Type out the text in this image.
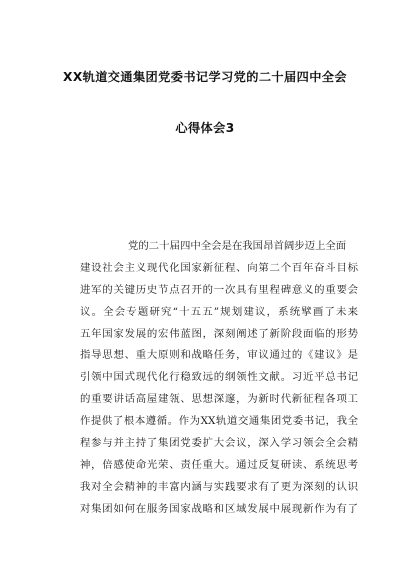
XX轨道交通集团党委书记学习党的二十届四中全会
心得体会3
党的二十届四中全会是在我国昂首阔步迈上全面
建设社会主义现代化国家新征程、向第二个百年奋斗目标
进军的关键历史节点召开的一次具有里程碑意义的重要会
议。全会专题研究“十五五”规划建议，系统擘画了未来
五年国家发展的宏伟蓝图，深刻阐述了新阶段面临的形势
指导思想、重大原则和战略任务，审议通过的《建议》是
引领中国式现代化行稳致远的纲领性文献。习近平总书记
的重要讲话高屋建瓴、思想深邃，为新时代新征程各项工
作提供了根本遵循。作为XX轨道交通集团党委书记，我全
程参与并主持了集团党委扩大会议，深入学习领会全会精
神，倍感使命光荣、责任重大。通过反复研读、系统思考
我对全会精神的丰富内涵与实践要求有了更为深刻的认识
对集团如何在服务国家战略和区域发展中展现新作为有了
